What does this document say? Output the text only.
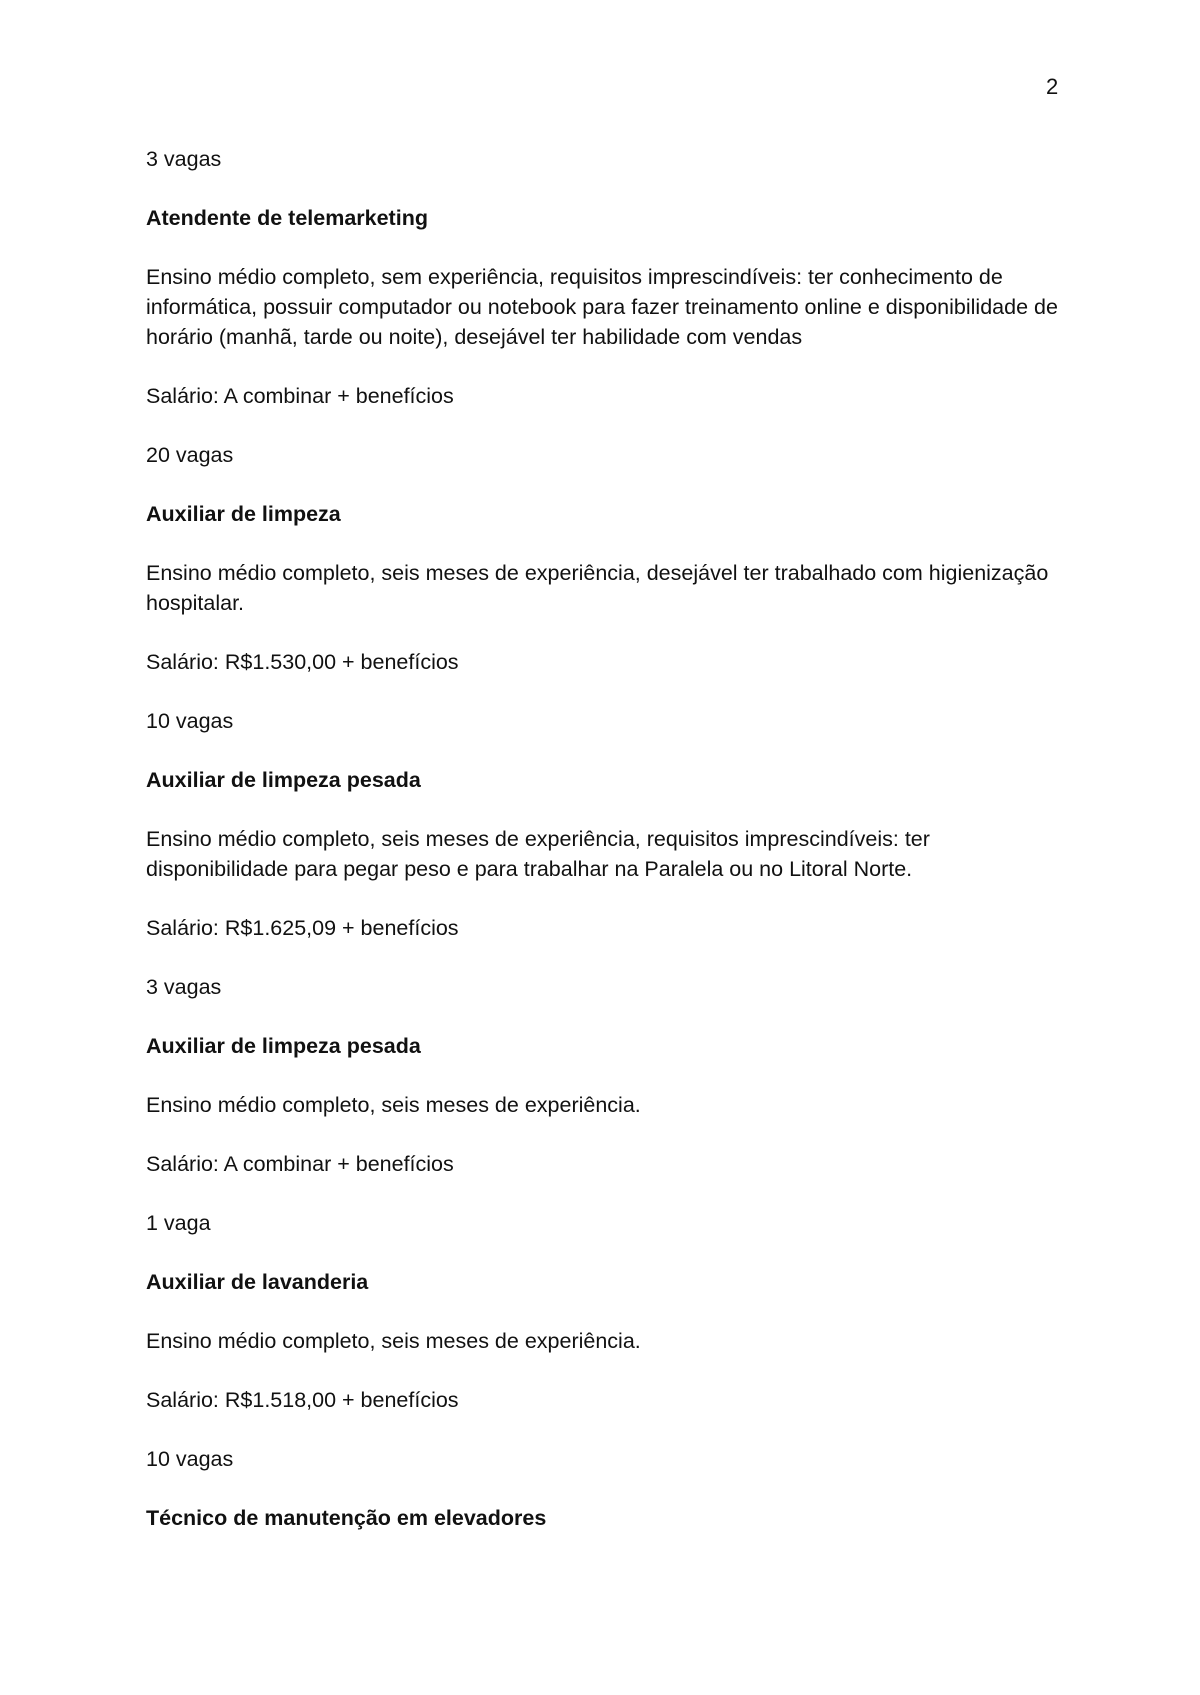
2

3 vagas

Atendente de telemarketing

Ensino médio completo, sem experiência, requisitos imprescindíveis: ter conhecimento de informática, possuir computador ou notebook para fazer treinamento online e disponibilidade de horário (manhã, tarde ou noite), desejável ter habilidade com vendas

Salário: A combinar + benefícios

20 vagas

Auxiliar de limpeza

Ensino médio completo, seis meses de experiência, desejável ter trabalhado com higienização hospitalar.

Salário: R$1.530,00 + benefícios

10 vagas

Auxiliar de limpeza pesada

Ensino médio completo, seis meses de experiência, requisitos imprescindíveis: ter disponibilidade para pegar peso e para trabalhar na Paralela ou no Litoral Norte.

Salário: R$1.625,09 + benefícios

3 vagas

Auxiliar de limpeza pesada

Ensino médio completo, seis meses de experiência.

Salário: A combinar + benefícios

1 vaga

Auxiliar de lavanderia

Ensino médio completo, seis meses de experiência.

Salário: R$1.518,00 + benefícios

10 vagas

Técnico de manutenção em elevadores
